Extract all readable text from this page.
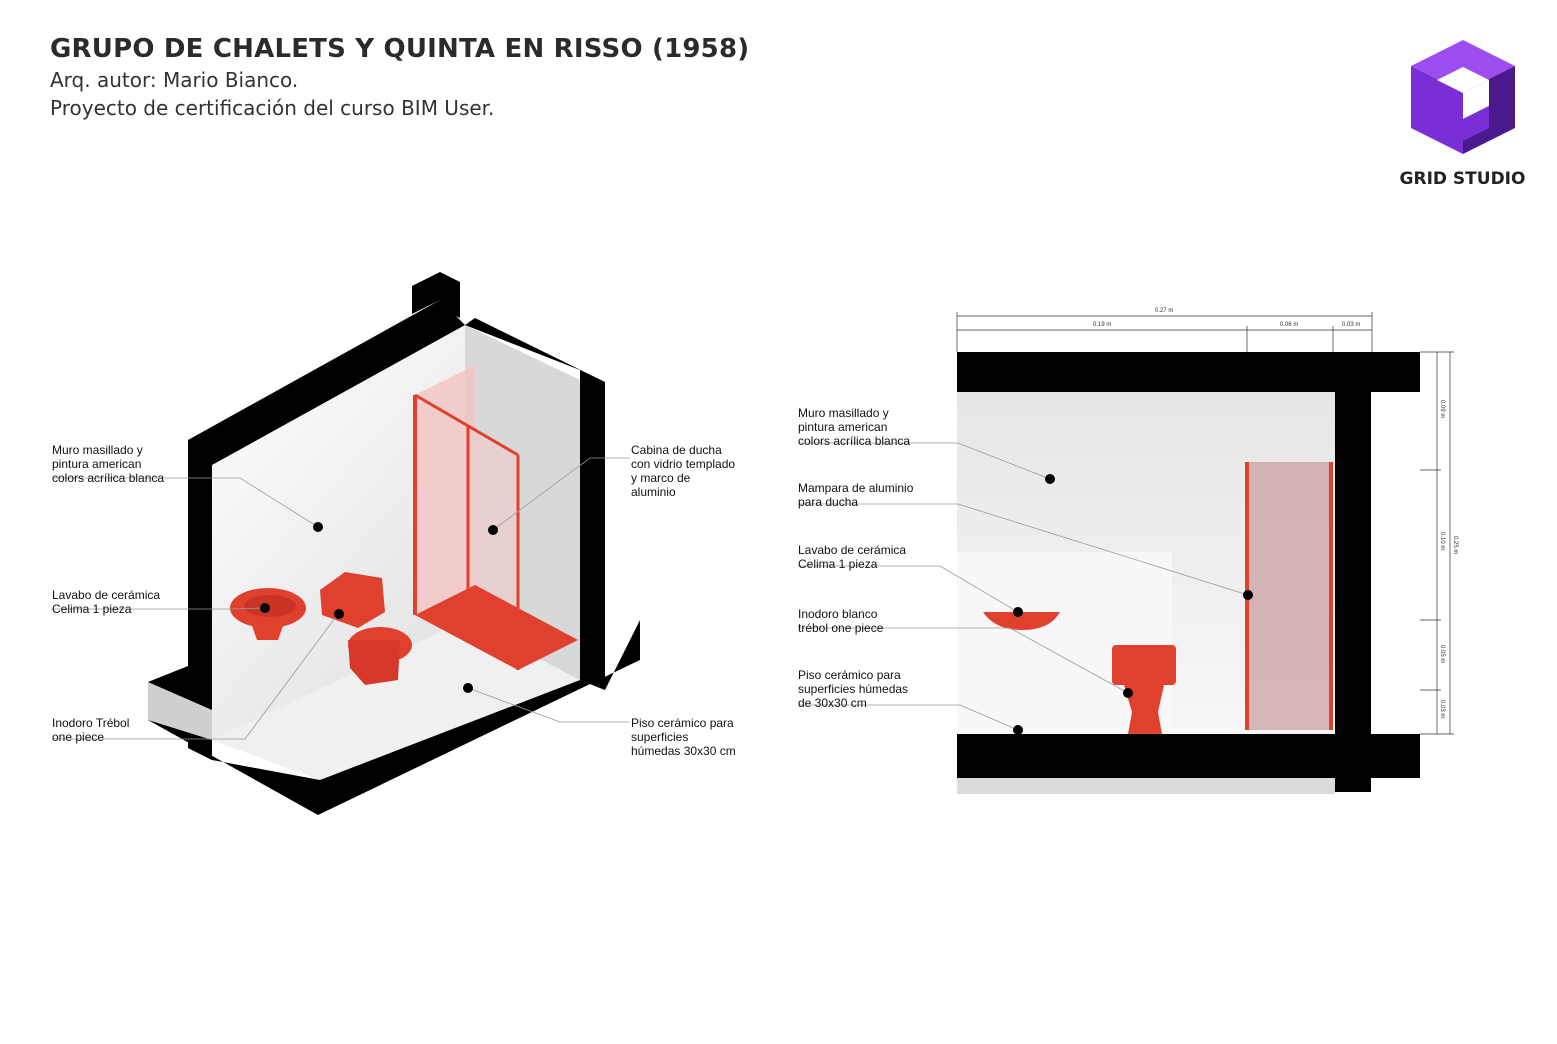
GRUPO DE CHALETS Y QUINTA EN RISSO (1958)
Arq. autor: Mario Bianco.
Proyecto de certificación del curso BIM User.
GRID STUDIO
0.27 m
0.19 m	0.06 m	0.03 m
0.25 m
0.09 m
0.10 m
0.05 m
0.03 m
Muro masillado y
pintura american
colors acrílica blanca
Lavabo de cerámica
Celima 1 pieza
Inodoro Trébol
one piece
Cabina de ducha
con vidrio templado
y marco de
aluminio
Piso cerámico para
superficies
húmedas 30x30 cm
Muro masillado y
pintura american
colors acrílica blanca
Mampara de aluminio
para ducha
Lavabo de cerámica
Celima 1 pieza
Inodoro blanco
trébol one piece
Piso cerámico para
superficies húmedas
de 30x30 cm
